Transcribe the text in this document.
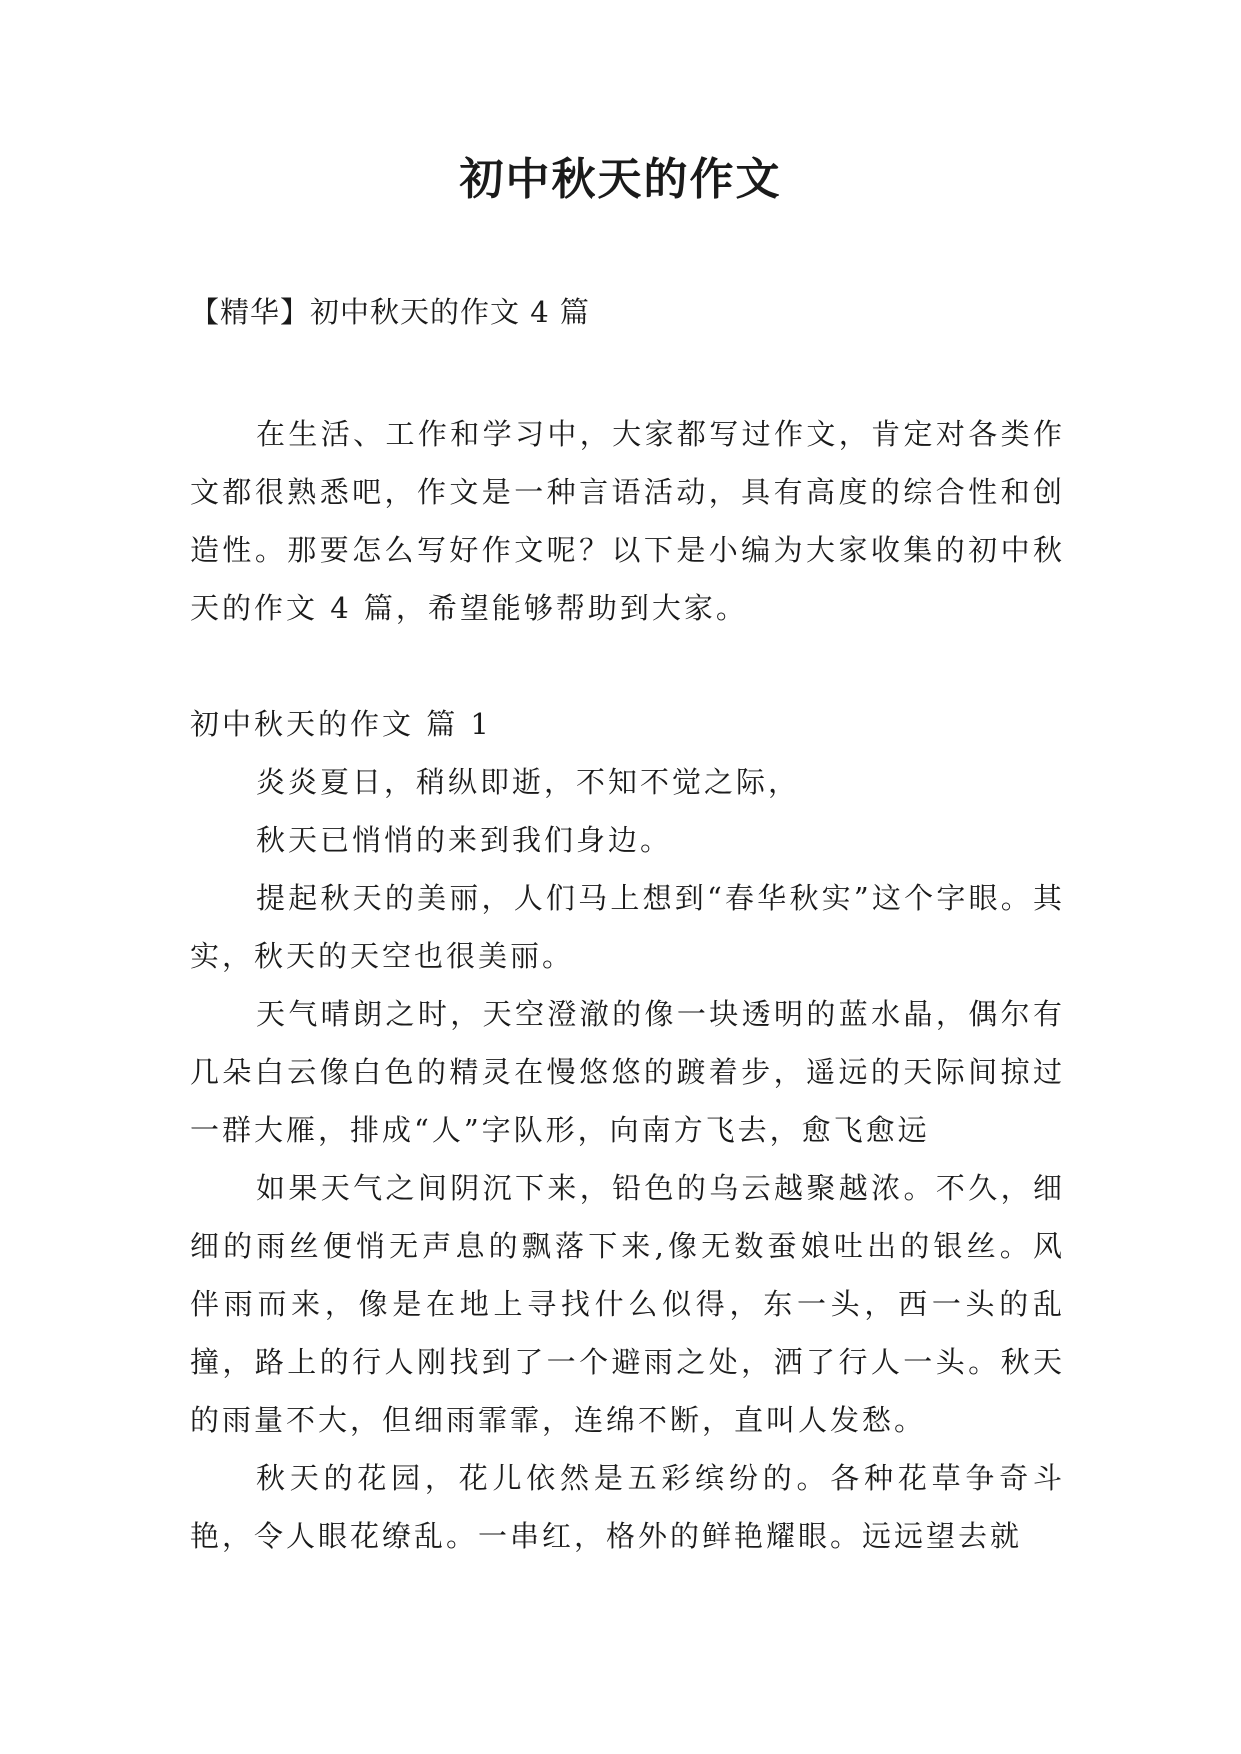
初中秋天的作文
【精华】初中秋天的作文 4 篇

在生活、工作和学习中，大家都写过作文，肯定对各类作文都很熟悉吧，作文是一种言语活动，具有高度的综合性和创造性。那要怎么写好作文呢？以下是小编为大家收集的初中秋天的作文 4 篇，希望能够帮助到大家。

初中秋天的作文 篇 1

炎炎夏日，稍纵即逝，不知不觉之际，

秋天已悄悄的来到我们身边。

提起秋天的美丽，人们马上想到“春华秋实”这个字眼。其实，秋天的天空也很美丽。

天气晴朗之时，天空澄澈的像一块透明的蓝水晶，偶尔有几朵白云像白色的精灵在慢悠悠的踱着步，遥远的天际间掠过一群大雁，排成“人”字队形，向南方飞去，愈飞愈远

如果天气之间阴沉下来，铅色的乌云越聚越浓。不久，细细的雨丝便悄无声息的飘落下来,像无数蚕娘吐出的银丝。风伴雨而来，像是在地上寻找什么似得，东一头，西一头的乱撞，路上的行人刚找到了一个避雨之处，洒了行人一头。秋天的雨量不大，但细雨霏霏，连绵不断，直叫人发愁。

秋天的花园，花儿依然是五彩缤纷的。各种花草争奇斗艳，令人眼花缭乱。一串红，格外的鲜艳耀眼。远远望去就
